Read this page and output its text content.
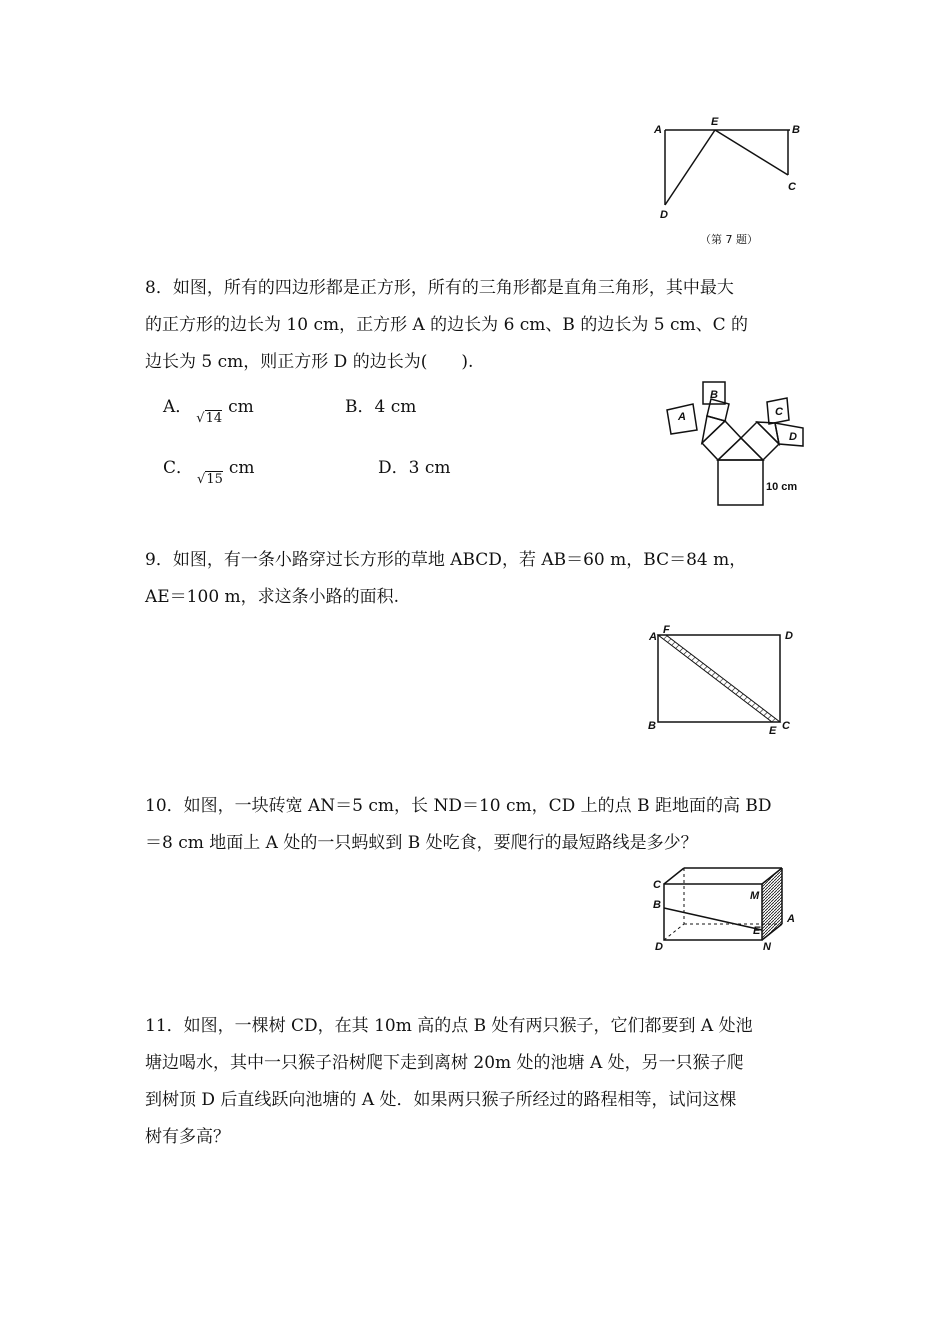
A
E
B
C
D
（第 7 题）
8．如图，所有的四边形都是正方形，所有的三角形都是直角三角形，其中最大
的正方形的边长为 10 cm，正方形 A 的边长为 6 cm、B 的边长为 5 cm、C 的
边长为 5 cm，则正方形 D 的边长为(　　).
A．√14cm	B．4 cm
C．√15cm	D．3 cm
A
B
C
D
10 cm
9．如图，有一条小路穿过长方形的草地 ABCD，若 AB＝60 m，BC＝84 m，
AE＝100 m，求这条小路的面积.
A
F	D
B	E C
10．如图，一块砖宽 AN＝5 cm，长 ND＝10 cm，CD 上的点 B 距地面的高 BD
＝8 cm 地面上 A 处的一只蚂蚁到 B 处吃食，要爬行的最短路线是多少？
C
B
D
M
A
E
N
11．如图，一棵树 CD，在其 10m 高的点 B 处有两只猴子，它们都要到 A 处池
塘边喝水，其中一只猴子沿树爬下走到离树 20m 处的池塘 A 处，另一只猴子爬
到树顶 D 后直线跃向池塘的 A 处．如果两只猴子所经过的路程相等，试问这棵
树有多高？
